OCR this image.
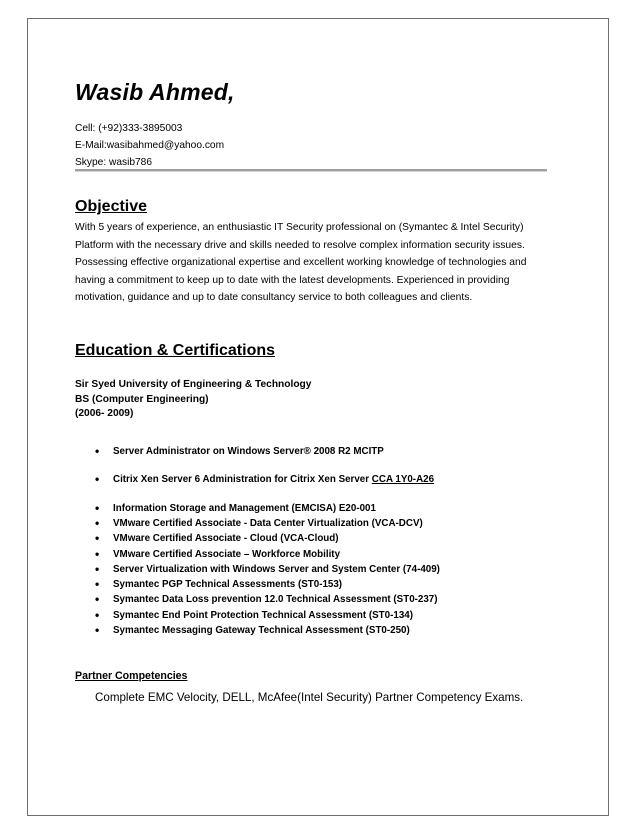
Wasib Ahmed,
Cell: (+92)333-3895003
E-Mail:wasibahmed@yahoo.com
Skype: wasib786
Objective

With 5 years of experience, an enthusiastic IT Security professional on (Symantec & Intel Security) Platform with the necessary drive and skills needed to resolve complex information security issues. Possessing effective organizational expertise and excellent working knowledge of technologies and having a commitment to keep up to date with the latest developments. Experienced in providing motivation, guidance and up to date consultancy service to both colleagues and clients.

Education & Certifications
Sir Syed University of Engineering & Technology
BS (Computer Engineering)
(2006- 2009)
• Server Administrator on Windows Server® 2008 R2 MCITP
• Citrix Xen Server 6 Administration for Citrix Xen Server CCA 1Y0-A26
• Information Storage and Management (EMCISA) E20-001
• VMware Certified Associate - Data Center Virtualization (VCA-DCV)
• VMware Certified Associate - Cloud (VCA-Cloud)
• VMware Certified Associate – Workforce Mobility
• Server Virtualization with Windows Server and System Center (74-409)
• Symantec PGP Technical Assessments (ST0-153)
• Symantec Data Loss prevention 12.0 Technical Assessment (ST0-237)
• Symantec End Point Protection Technical Assessment (ST0-134)
• Symantec Messaging Gateway Technical Assessment (ST0-250)
Partner Competencies
Complete EMC Velocity, DELL, McAfee(Intel Security) Partner Competency Exams.
